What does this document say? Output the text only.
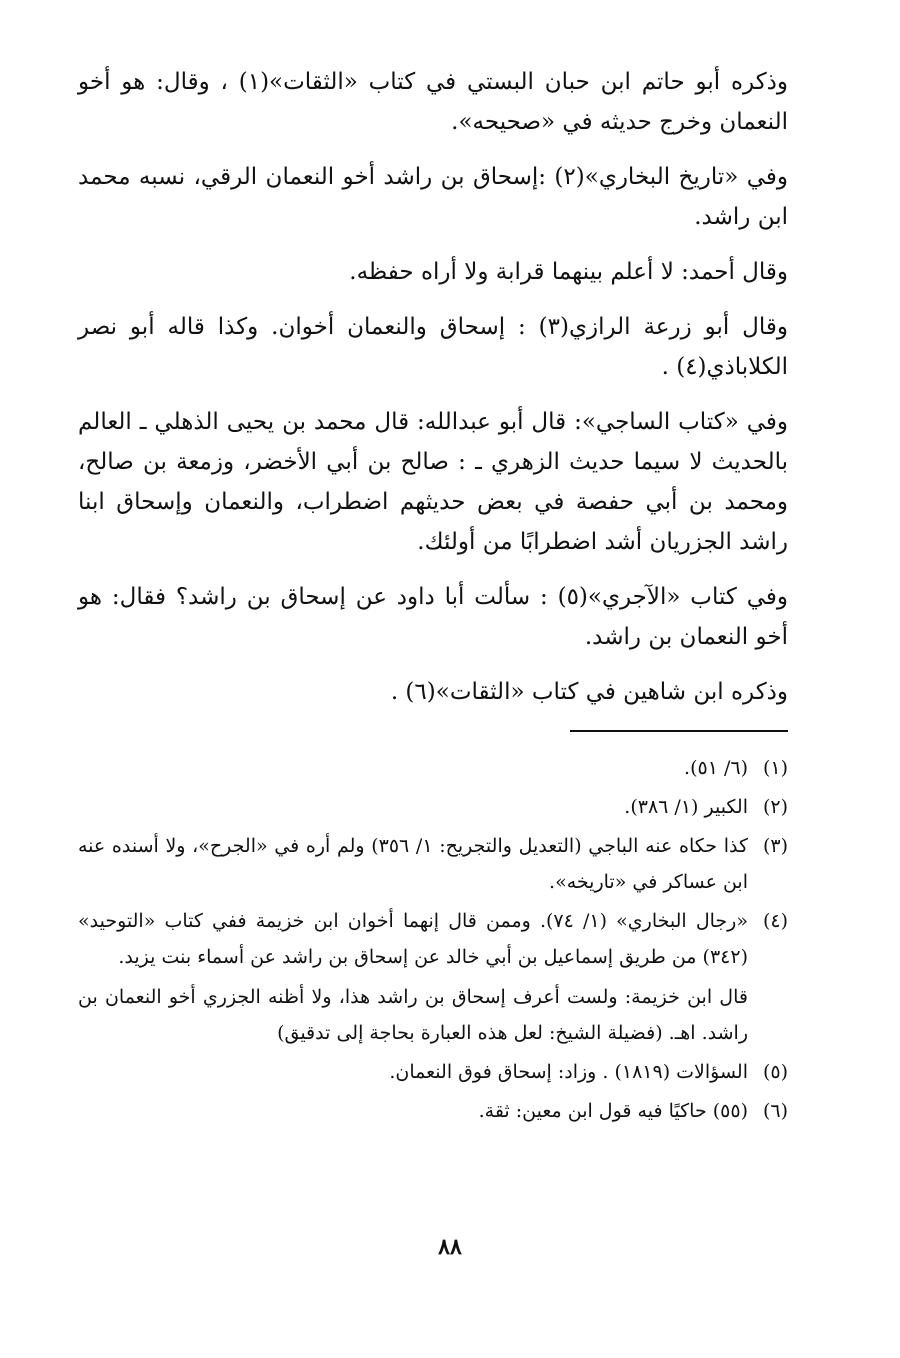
وذكره أبو حاتم ابن حبان البستي في كتاب «الثقات»(١) ، وقال: هو أخو النعمان وخرج حديثه في «صحيحه».

وفي «تاريخ البخاري»(٢) :إسحاق بن راشد أخو النعمان الرقي، نسبه محمد ابن راشد.

وقال أحمد: لا أعلم بينهما قرابة ولا أراه حفظه.

وقال أبو زرعة الرازي(٣) : إسحاق والنعمان أخوان. وكذا قاله أبو نصر الكلاباذي(٤) .

وفي «كتاب الساجي»: قال أبو عبدالله: قال محمد بن يحيى الذهلي ـ العالم بالحديث لا سيما حديث الزهري ـ : صالح بن أبي الأخضر، وزمعة بن صالح، ومحمد بن أبي حفصة في بعض حديثهم اضطراب، والنعمان وإسحاق ابنا راشد الجزريان أشد اضطرابًا من أولئك.

وفي كتاب «الآجري»(٥) : سألت أبا داود عن إسحاق بن راشد؟ فقال: هو أخو النعمان بن راشد.

وذكره ابن شاهين في كتاب «الثقات»(٦) .

(١)
(٦/ ٥١).
(٢)
الكبير (١/ ٣٨٦).
(٣)
كذا حكاه عنه الباجي (التعديل والتجريح: ١/ ٣٥٦) ولم أره في «الجرح»، ولا أسنده عنه ابن عساكر في «تاريخه».
(٤)
«رجال البخاري» (١/ ٧٤). وممن قال إنهما أخوان ابن خزيمة ففي كتاب «التوحيد» (٣٤٢) من طريق إسماعيل بن أبي خالد عن إسحاق بن راشد عن أسماء بنت يزيد.

قال ابن خزيمة: ولست أعرف إسحاق بن راشد هذا، ولا أظنه الجزري أخو النعمان بن راشد. اهـ. (فضيلة الشيخ: لعل هذه العبارة بحاجة إلى تدقيق)

(٥)
السؤالات (١٨١٩) . وزاد: إسحاق فوق النعمان.
(٦)
(٥٥) حاكيًا فيه قول ابن معين: ثقة.
٨٨
